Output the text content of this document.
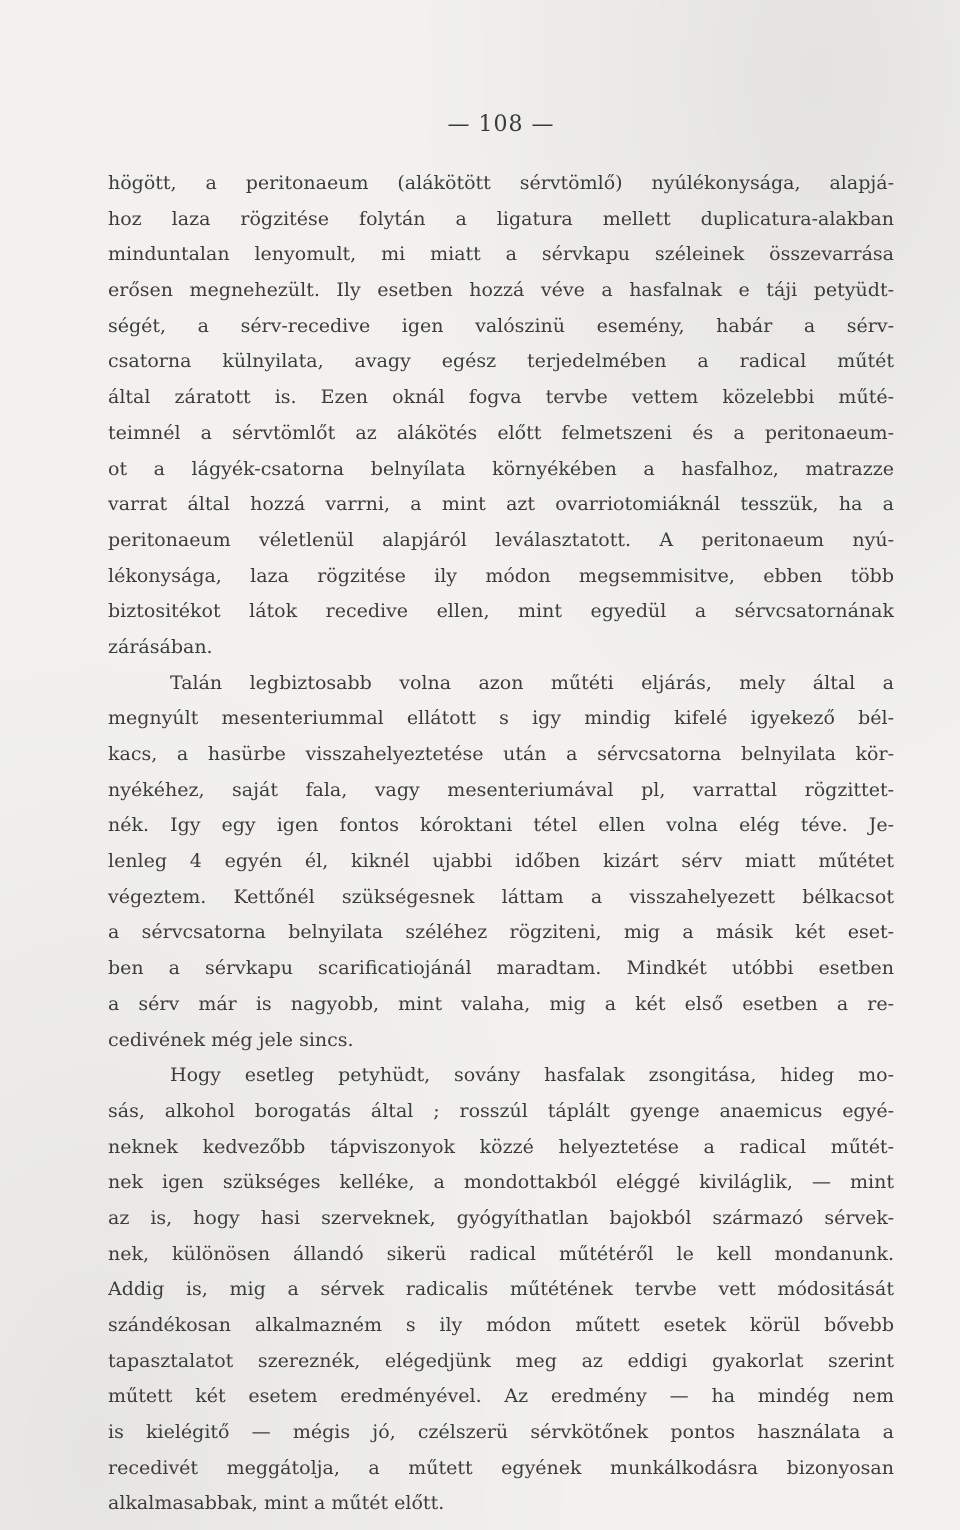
— 108 —
högött, a peritonaeum (alákötött sérvtömlő) nyúlékonysága, alapjá-
hoz laza rögzitése folytán a ligatura mellett duplicatura-alakban
minduntalan lenyomult, mi miatt a sérvkapu széleinek összevarrása
erősen megnehezült. Ily esetben hozzá véve a hasfalnak e táji petyüdt-
ségét, a sérv-recedive igen valószinü esemény, habár a sérv-
csatorna külnyilata, avagy egész terjedelmében a radical műtét
által záratott is. Ezen oknál fogva tervbe vettem közelebbi műté-
teimnél a sérvtömlőt az alákötés előtt felmetszeni és a peritonaeum-
ot a lágyék-csatorna belnyílata környékében a hasfalhoz, matrazze
varrat által hozzá varrni, a mint azt ovarriotomiáknál tesszük, ha a
peritonaeum véletlenül alapjáról leválasztatott. A peritonaeum nyú-
lékonysága, laza rögzitése ily módon megsemmisitve, ebben több
biztositékot látok recedive ellen, mint egyedül a sérvcsatornának
zárásában.
Talán legbiztosabb volna azon műtéti eljárás, mely által a
megnyúlt mesenteriummal ellátott s igy mindig kifelé igyekező bél-
kacs, a hasürbe visszahelyeztetése után a sérvcsatorna belnyilata kör-
nyékéhez, saját fala, vagy mesenteriumával pl, varrattal rögzittet-
nék. Igy egy igen fontos kóroktani tétel ellen volna elég téve. Je-
lenleg 4 egyén él, kiknél ujabbi időben kizárt sérv miatt műtétet
végeztem. Kettőnél szükségesnek láttam a visszahelyezett bélkacsot
a sérvcsatorna belnyilata széléhez rögziteni, mig a másik két eset-
ben a sérvkapu scarificatiojánál maradtam. Mindkét utóbbi esetben
a sérv már is nagyobb, mint valaha, mig a két első esetben a re-
cedivének még jele sincs.
Hogy esetleg petyhüdt, sovány hasfalak zsongitása, hideg mo-
sás, alkohol borogatás által ; rosszúl táplált gyenge anaemicus egyé-
neknek kedvezőbb tápviszonyok közzé helyeztetése a radical műtét-
nek igen szükséges kelléke, a mondottakból eléggé kiviláglik, — mint
az is, hogy hasi szerveknek, gyógyíthatlan bajokból származó sérvek-
nek, különösen állandó sikerü radical műtétéről le kell mondanunk.
Addig is, mig a sérvek radicalis műtétének tervbe vett módositását
szándékosan alkalmazném s ily módon műtett esetek körül bővebb
tapasztalatot szereznék, elégedjünk meg az eddigi gyakorlat szerint
műtett két esetem eredményével. Az eredmény — ha mindég nem
is kielégitő — mégis jó, czélszerü sérvkötőnek pontos használata a
recedivét meggátolja, a műtett egyének munkálkodásra bizonyosan
alkalmasabbak, mint a műtét előtt.
